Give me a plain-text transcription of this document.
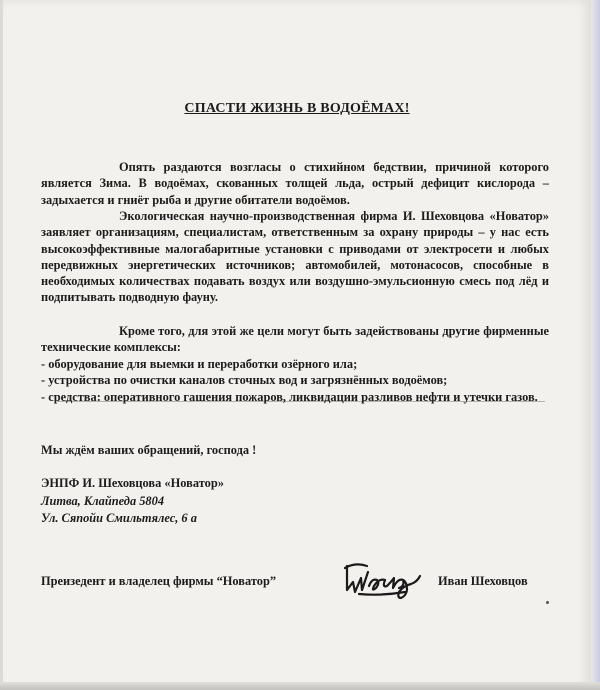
СПАСТИ ЖИЗНЬ В ВОДОЁМАХ!

Опять раздаются возгласы о стихийном бедствии, причиной которого является Зима. В водоёмах, скованных толщей льда, острый дефицит кислорода – задыхается и гниёт рыба и другие обитатели водоёмов.

Экологическая научно-производственная фирма И. Шеховцова «Новатор» заявляет организациям, специалистам, ответственным за охрану природы – у нас есть высокоэффективные малогабаритные установки с приводами от электросети и любых передвижных энергетических источников; автомобилей, мотонасосов, способные в необходимых количествах подавать воздух или воздушно-эмульсионную смесь под лёд и подпитывать подводную фауну.

Кроме того, для этой же цели могут быть задействованы другие фирменные технические комплексы:

- оборудование для выемки и переработки озёрного ила;
- устройства по очистки каналов сточных вод и загрязнённых водоёмов;
- средства: оперативного гашения пожаров, ликвидации разливов нефти и утечки газов.
Мы ждём ваших обращений, господа !
ЭНПФ И. Шеховцова «Новатор»
Литва, Клайпеда 5804
Ул. Сяnoйи Смильтялес, 6 а
Преизедент и владелец фирмы “Новатор”	Иван Шеховцов
